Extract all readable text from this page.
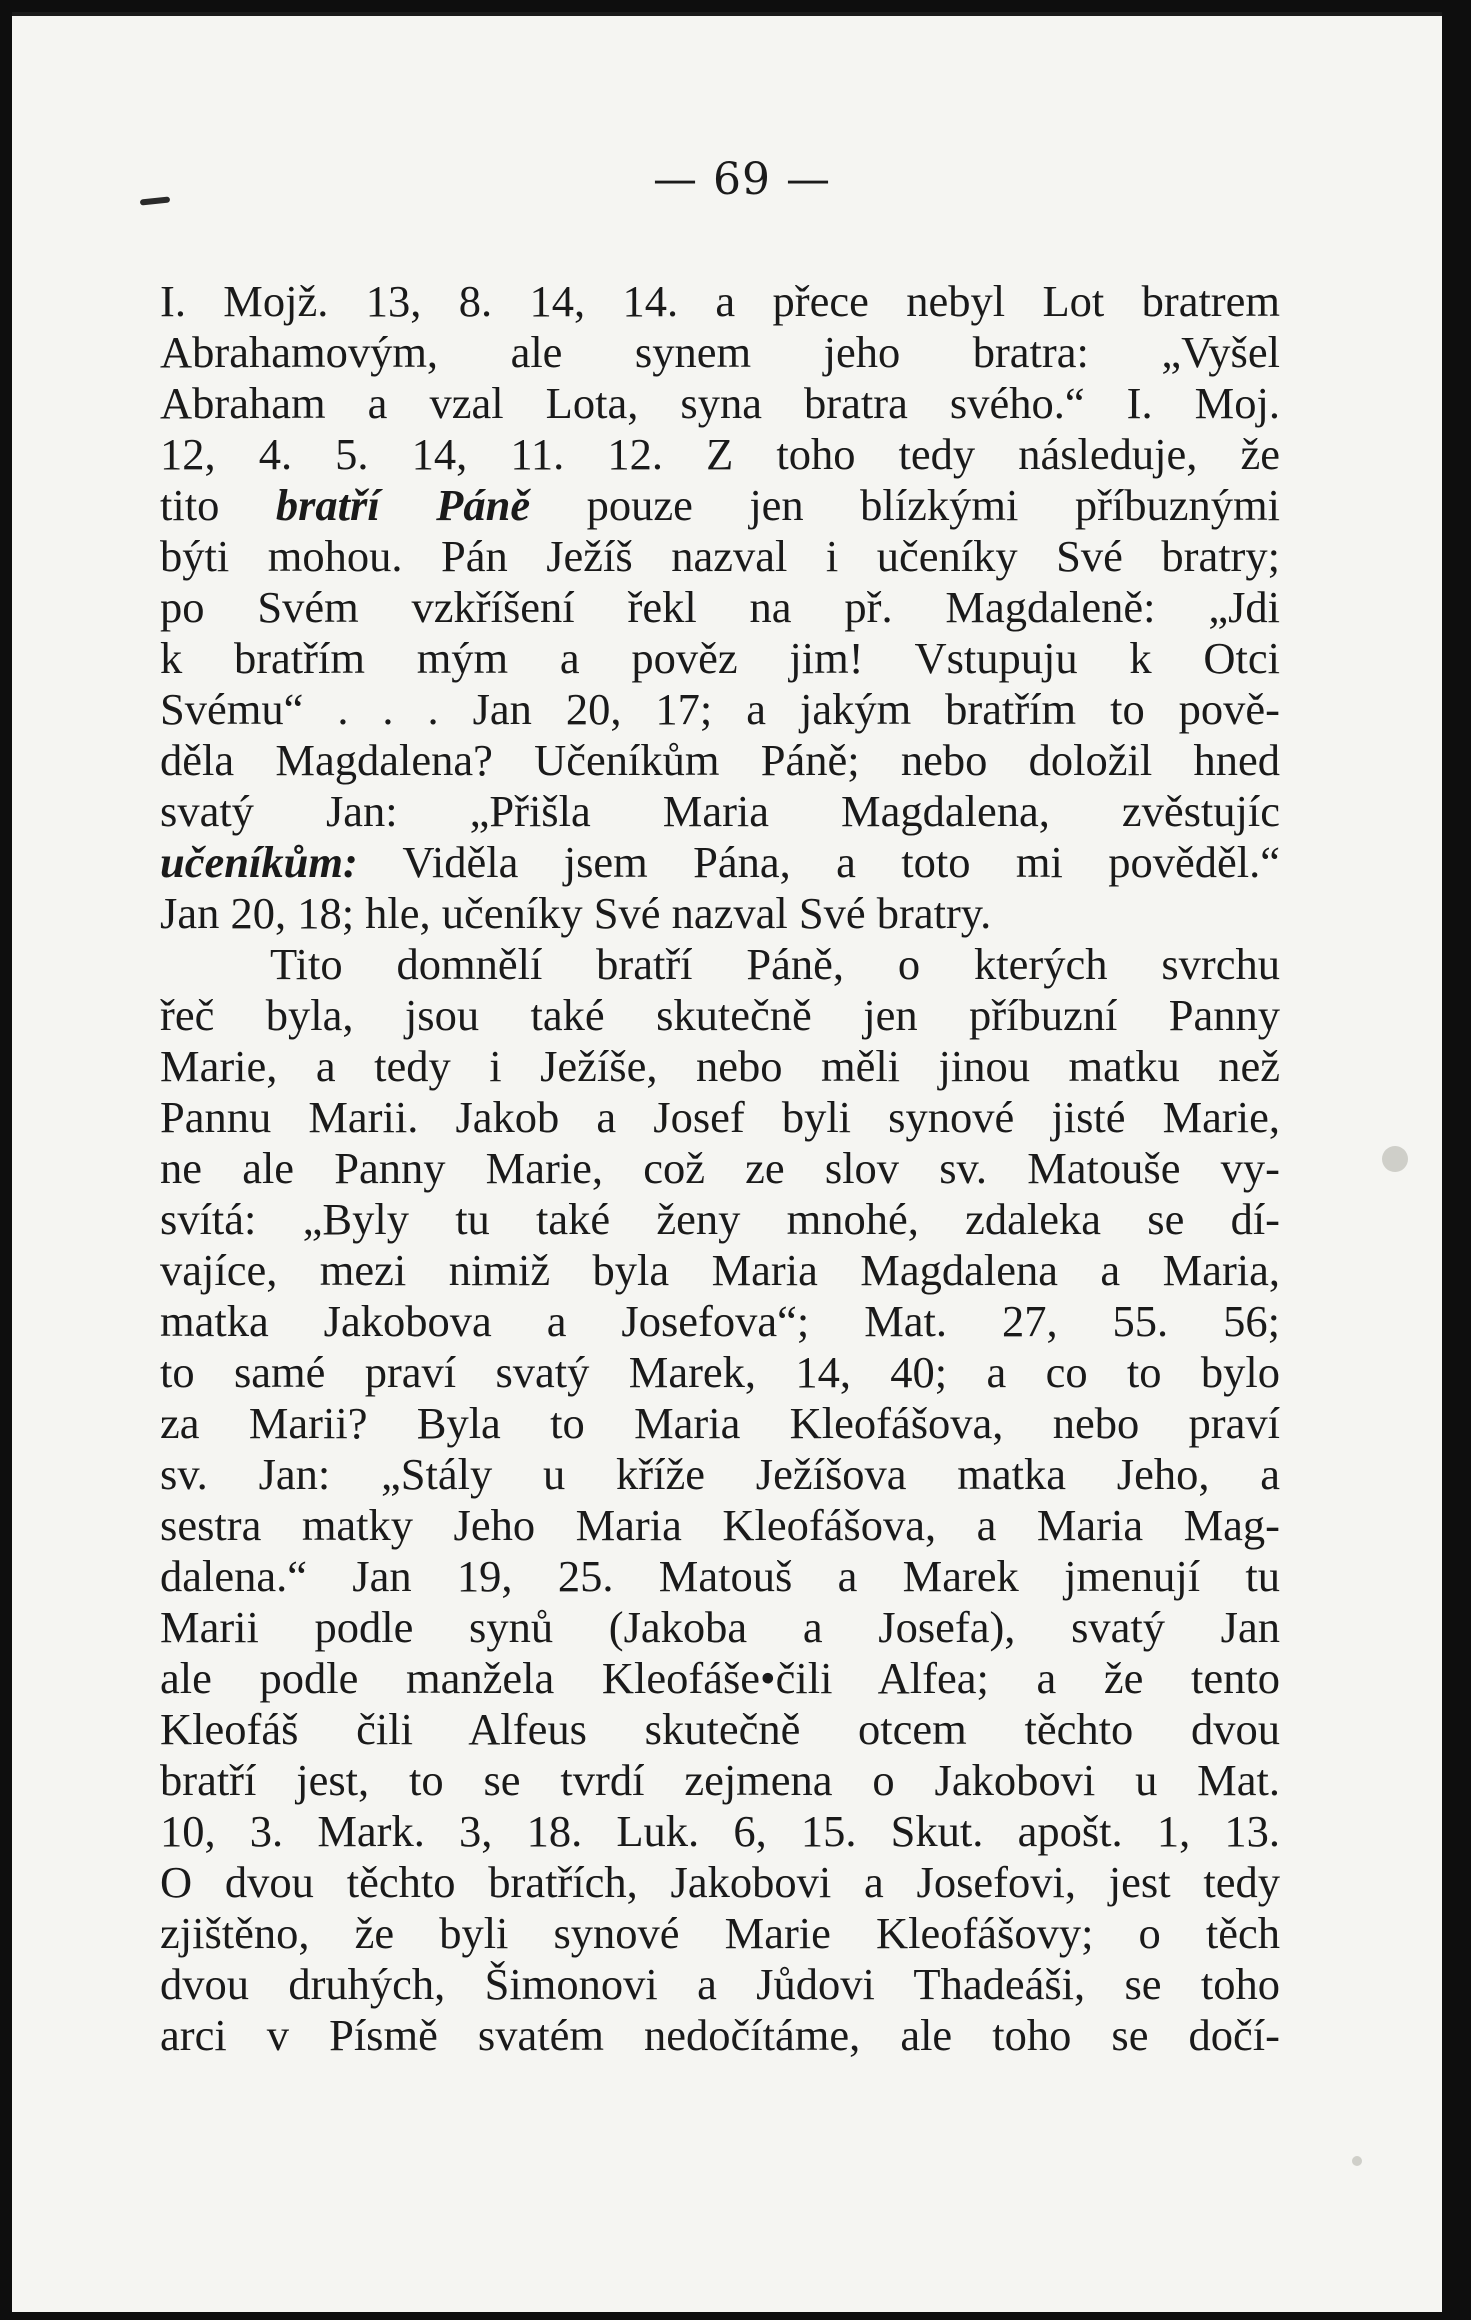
— 69 —
I. Mojž. 13, 8. 14, 14. a přece nebyl Lot bratrem
Abrahamovým, ale synem jeho bratra: „Vyšel
Abraham a vzal Lota, syna bratra svého.“ I. Moj.
12, 4. 5. 14, 11. 12. Z toho tedy následuje, že
tito bratří Páně pouze jen blízkými příbuznými
býti mohou. Pán Ježíš nazval i učeníky Své bratry;
po Svém vzkříšení řekl na př. Magdaleně: „Jdi
k bratřím mým a pověz jim! Vstupuju k Otci
Svému“ . . . Jan 20, 17; a jakým bratřím to pově-
děla Magdalena? Učeníkům Páně; nebo doložil hned
svatý Jan: „Přišla Maria Magdalena, zvěstujíc
učeníkům: Viděla jsem Pána, a toto mi pověděl.“
Jan 20, 18; hle, učeníky Své nazval Své bratry.
Tito domnělí bratří Páně, o kterých svrchu
řeč byla, jsou také skutečně jen příbuzní Panny
Marie, a tedy i Ježíše, nebo měli jinou matku než
Pannu Marii. Jakob a Josef byli synové jisté Marie,
ne ale Panny Marie, což ze slov sv. Matouše vy-
svítá: „Byly tu také ženy mnohé, zdaleka se dí-
vajíce, mezi nimiž byla Maria Magdalena a Maria,
matka Jakobova a Josefova“; Mat. 27, 55. 56;
to samé praví svatý Marek, 14, 40; a co to bylo
za Marii? Byla to Maria Kleofášova, nebo praví
sv. Jan: „Stály u kříže Ježíšova matka Jeho, a
sestra matky Jeho Maria Kleofášova, a Maria Mag-
dalena.“ Jan 19, 25. Matouš a Marek jmenují tu
Marii podle synů (Jakoba a Josefa), svatý Jan
ale podle manžela Kleofáše•čili Alfea; a že tento
Kleofáš čili Alfeus skutečně otcem těchto dvou
bratří jest, to se tvrdí zejmena o Jakobovi u Mat.
10, 3. Mark. 3, 18. Luk. 6, 15. Skut. apošt. 1, 13.
O dvou těchto bratřích, Jakobovi a Josefovi, jest tedy
zjištěno, že byli synové Marie Kleofášovy; o těch
dvou druhých, Šimonovi a Jůdovi Thadeáši, se toho
arci v Písmě svatém nedočítáme, ale toho se dočí-
